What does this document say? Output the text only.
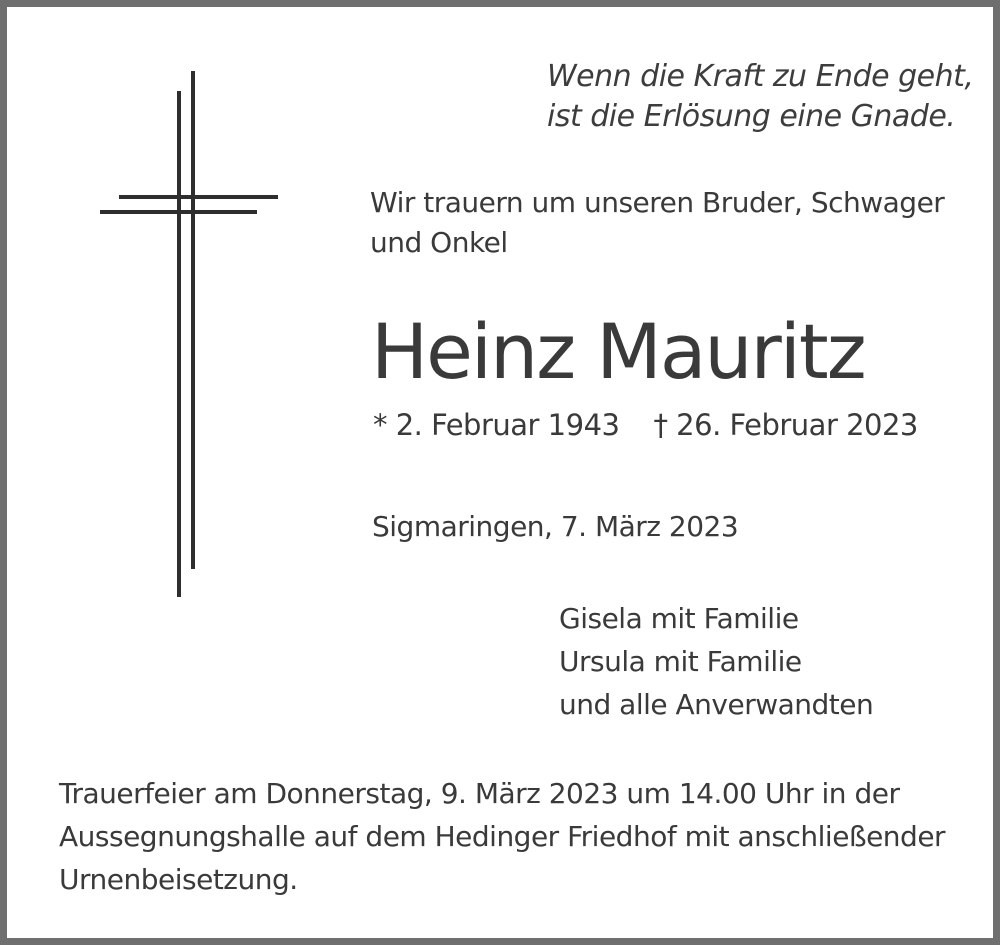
Wenn die Kraft zu Ende geht,
ist die Erlösung eine Gnade.
Wir trauern um unseren Bruder, Schwager
und Onkel
Heinz Mauritz
* 2. Februar 1943 † 26. Februar 2023
Sigmaringen, 7. März 2023
Gisela mit Familie
Ursula mit Familie
und alle Anverwandten
Trauerfeier am Donnerstag, 9. März 2023 um 14.00 Uhr in der
Aussegnungshalle auf dem Hedinger Friedhof mit anschließender
Urnenbeisetzung.
